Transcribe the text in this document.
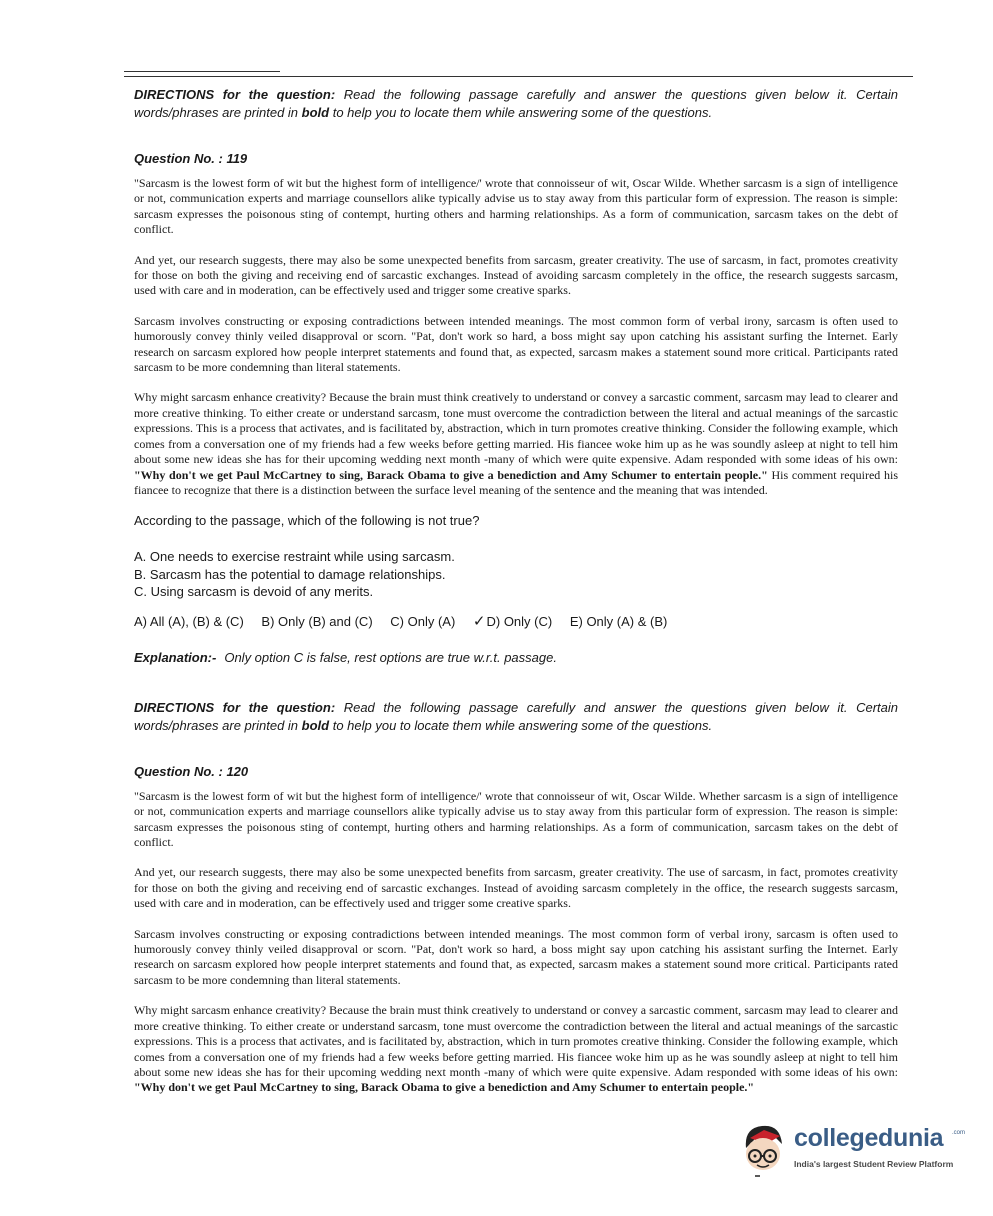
DIRECTIONS for the question: Read the following passage carefully and answer the questions given below it. Certain words/phrases are printed in bold to help you to locate them while answering some of the questions.

Question No. : 119

"Sarcasm is the lowest form of wit but the highest form of intelligence/' wrote that connoisseur of wit, Oscar Wilde. Whether sarcasm is a sign of intelligence or not, communication experts and marriage counsellors alike typically advise us to stay away from this particular form of expression. The reason is simple: sarcasm expresses the poisonous sting of contempt, hurting others and harming relationships. As a form of communication, sarcasm takes on the debt of conflict.

And yet, our research suggests, there may also be some unexpected benefits from sarcasm, greater creativity. The use of sarcasm, in fact, promotes creativity for those on both the giving and receiving end of sarcastic exchanges. Instead of avoiding sarcasm completely in the office, the research suggests sarcasm, used with care and in moderation, can be effectively used and trigger some creative sparks.

Sarcasm involves constructing or exposing contradictions between intended meanings. The most common form of verbal irony, sarcasm is often used to humorously convey thinly veiled disapproval or scorn. "Pat, don't work so hard, a boss might say upon catching his assistant surfing the Internet. Early research on sarcasm explored how people interpret statements and found that, as expected, sarcasm makes a statement sound more critical. Participants rated sarcasm to be more condemning than literal statements.

Why might sarcasm enhance creativity? Because the brain must think creatively to understand or convey a sarcastic comment, sarcasm may lead to clearer and more creative thinking. To either create or understand sarcasm, tone must overcome the contradiction between the literal and actual meanings of the sarcastic expressions. This is a process that activates, and is facilitated by, abstraction, which in turn promotes creative thinking. Consider the following example, which comes from a conversation one of my friends had a few weeks before getting married. His fiancee woke him up as he was soundly asleep at night to tell him about some new ideas she has for their upcoming wedding next month -many of which were quite expensive. Adam responded with some ideas of his own: "Why don't we get Paul McCartney to sing, Barack Obama to give a benediction and Amy Schumer to entertain people." His comment required his fiancee to recognize that there is a distinction between the surface level meaning of the sentence and the meaning that was intended.

According to the passage, which of the following is not true?

A. One needs to exercise restraint while using sarcasm.

B. Sarcasm has the potential to damage relationships.

C. Using sarcasm is devoid of any merits.

A) All (A), (B) & (C) B) Only (B) and (C) C) Only (A) ✓D) Only (C) E) Only (A) & (B)

Explanation:- Only option C is false, rest options are true w.r.t. passage.

DIRECTIONS for the question: Read the following passage carefully and answer the questions given below it. Certain words/phrases are printed in bold to help you to locate them while answering some of the questions.

Question No. : 120

"Sarcasm is the lowest form of wit but the highest form of intelligence/' wrote that connoisseur of wit, Oscar Wilde. Whether sarcasm is a sign of intelligence or not, communication experts and marriage counsellors alike typically advise us to stay away from this particular form of expression. The reason is simple: sarcasm expresses the poisonous sting of contempt, hurting others and harming relationships. As a form of communication, sarcasm takes on the debt of conflict.

And yet, our research suggests, there may also be some unexpected benefits from sarcasm, greater creativity. The use of sarcasm, in fact, promotes creativity for those on both the giving and receiving end of sarcastic exchanges. Instead of avoiding sarcasm completely in the office, the research suggests sarcasm, used with care and in moderation, can be effectively used and trigger some creative sparks.

Sarcasm involves constructing or exposing contradictions between intended meanings. The most common form of verbal irony, sarcasm is often used to humorously convey thinly veiled disapproval or scorn. "Pat, don't work so hard, a boss might say upon catching his assistant surfing the Internet. Early research on sarcasm explored how people interpret statements and found that, as expected, sarcasm makes a statement sound more critical. Participants rated sarcasm to be more condemning than literal statements.

Why might sarcasm enhance creativity? Because the brain must think creatively to understand or convey a sarcastic comment, sarcasm may lead to clearer and more creative thinking. To either create or understand sarcasm, tone must overcome the contradiction between the literal and actual meanings of the sarcastic expressions. This is a process that activates, and is facilitated by, abstraction, which in turn promotes creative thinking. Consider the following example, which comes from a conversation one of my friends had a few weeks before getting married. His fiancee woke him up as he was soundly asleep at night to tell him about some new ideas she has for their upcoming wedding next month -many of which were quite expensive. Adam responded with some ideas of his own: "Why don't we get Paul McCartney to sing, Barack Obama to give a benediction and Amy Schumer to entertain people."

collegedunia .com
India's largest Student Review Platform
